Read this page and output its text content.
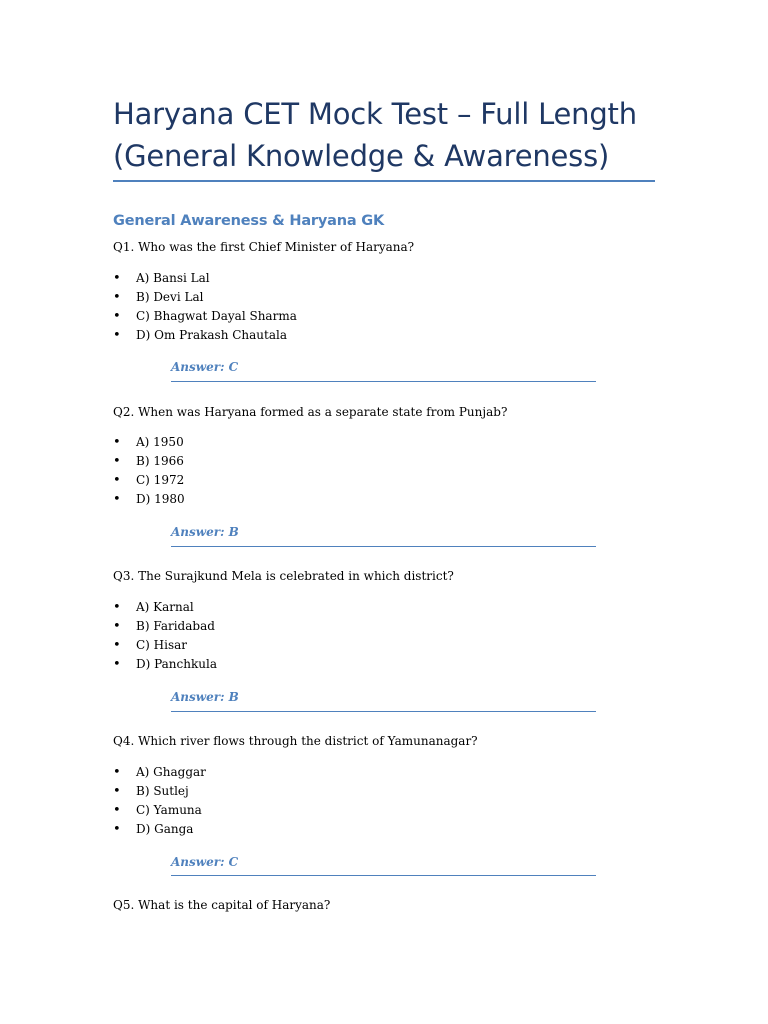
Haryana CET Mock Test – Full Length (General Knowledge & Awareness)
General Awareness & Haryana GK

Q1. Who was the first Chief Minister of Haryana?

• A) Bansi Lal
• B) Devi Lal
• C) Bhagwat Dayal Sharma
• D) Om Prakash Chautala

Answer: C

Q2. When was Haryana formed as a separate state from Punjab?

• A) 1950
• B) 1966
• C) 1972
• D) 1980

Answer: B

Q3. The Surajkund Mela is celebrated in which district?

• A) Karnal
• B) Faridabad
• C) Hisar
• D) Panchkula

Answer: B

Q4. Which river flows through the district of Yamunanagar?

• A) Ghaggar
• B) Sutlej
• C) Yamuna
• D) Ganga

Answer: C

Q5. What is the capital of Haryana?
